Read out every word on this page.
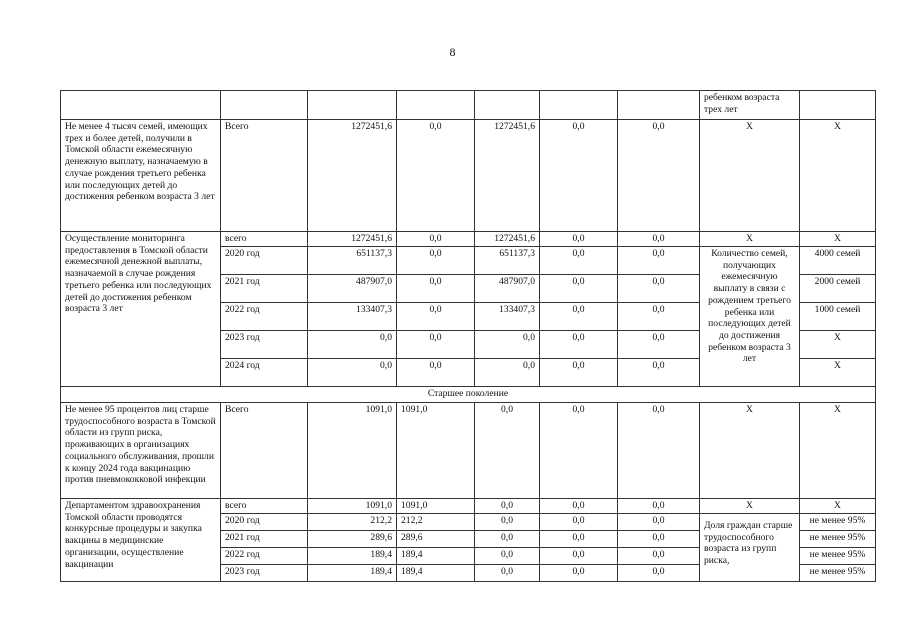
8
							ребенком возраста трех лет	
Не менее 4 тысяч семей, имеющих трех и более детей, получили в Томской области ежемесячную денежную выплату, назначаемую в случае рождения третьего ребенка или последующих детей до достижения ребенком возраста 3 лет	Всего	1272451,6	0,0	1272451,6	0,0	0,0	Х	Х
Осуществление мониторинга предоставления в Томской области ежемесячной денежной выплаты, назначаемой в случае рождения третьего ребенка или последующих детей до достижения ребенком возраста 3 лет	всего	1272451,6	0,0	1272451,6	0,0	0,0	Х	Х
	2020 год	651137,3	0,0	651137,3	0,0	0,0	Количество семей, получающих ежемесячную выплату в связи с рождением третьего ребенка или последующих детей до достижения ребенком возраста 3 лет	4000 семей
	2021 год	487907,0	0,0	487907,0	0,0	0,0		2000 семей
	2022 год	133407,3	0,0	133407,3	0,0	0,0		1000 семей
	2023 год	0,0	0,0	0,0	0,0	0,0		Х
	2024 год	0,0	0,0	0,0	0,0	0,0		Х
Старшее поколение								
Не менее 95 процентов лиц старше трудоспособного возраста в Томской области из групп риска, проживающих в организациях социального обслуживания, прошли к концу 2024 года вакцинацию против пневмококковой инфекции	Всего	1091,0	1091,0	0,0	0,0	0,0	Х	Х
Департаментом здравоохранения Томской области проводятся конкурсные процедуры и закупка вакцины в медицинские организации, осуществление вакцинации	всего	1091,0	1091,0	0,0	0,0	0,0	Х	Х
	2020 год	212,2	212,2	0,0	0,0	0,0	Доля граждан старше трудоспособного возраста из групп риска,	не менее 95%
	2021 год	289,6	289,6	0,0	0,0	0,0		не менее 95%
	2022 год	189,4	189,4	0,0	0,0	0,0		не менее 95%
	2023 год	189,4	189,4	0,0	0,0	0,0		не менее 95%
